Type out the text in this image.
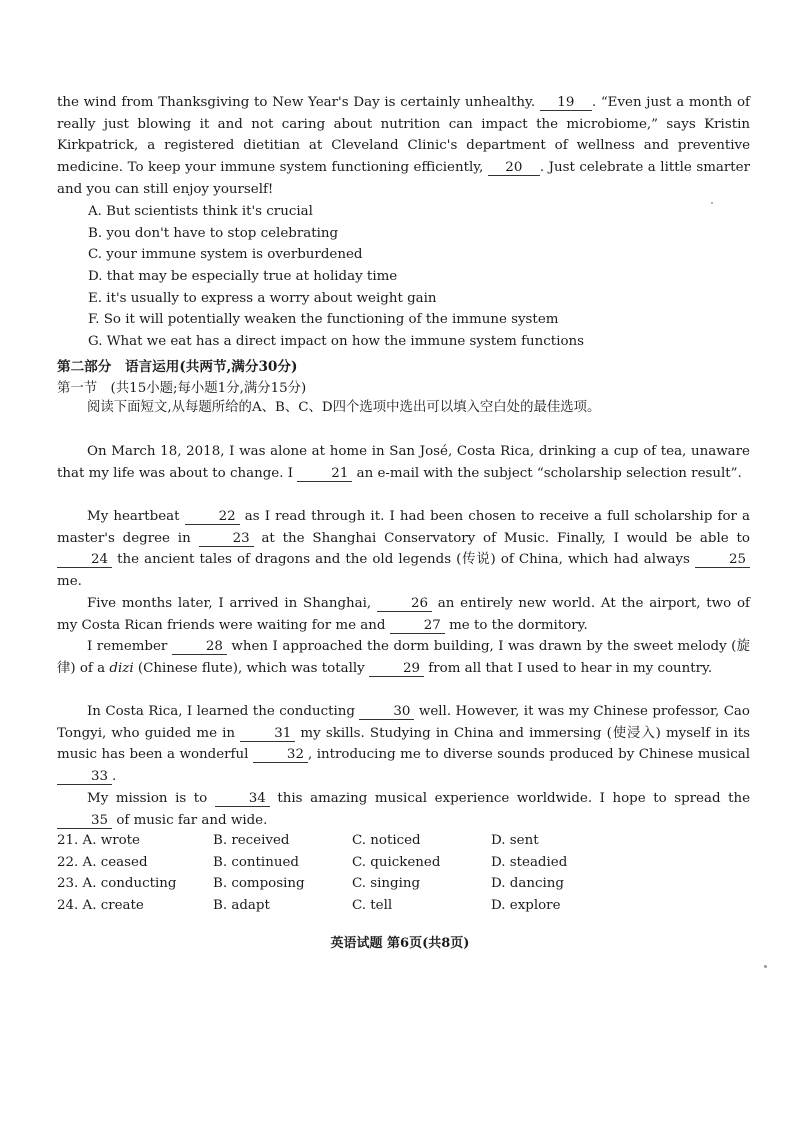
the wind from Thanksgiving to New Year's Day is certainly unhealthy. 19 . “Even just a month of really just blowing it and not caring about nutrition can impact the microbiome,” says Kristin Kirkpatrick, a registered dietitian at Cleveland Clinic's department of wellness and preventive medicine. To keep your immune system functioning efficiently, 20 . Just celebrate a little smarter and you can still enjoy yourself!
A. But scientists think it's crucial
B. you don't have to stop celebrating
C. your immune system is overburdened
D. that may be especially true at holiday time
E. it's usually to express a worry about weight gain
F. So it will potentially weaken the functioning of the immune system
G. What we eat has a direct impact on how the immune system functions
第二部分　语言运用(共两节,满分30分)
第一节　(共15小题;每小题1分,满分15分)
阅读下面短文,从每题所给的A、B、C、D四个选项中选出可以填入空白处的最佳选项。
On March 18, 2018, I was alone at home in San José, Costa Rica, drinking a cup of tea, unaware that my life was about to change. I	21 an e-mail with the subject “scholarship selection result”.
My heartbeat	22 as I read through it. I had been chosen to receive a full scholarship for a master's degree in	23 at the Shanghai Conservatory of Music. Finally, I would be able to 24 the ancient tales of dragons and the old legends (传说) of China, which had always	25 me.
Five months later, I arrived in Shanghai,	26 an entirely new world. At the airport, two of my Costa Rican friends were waiting for me and	27 me to the dormitory.
I remember	28 when I approached the dorm building, I was drawn by the sweet melody (旋律) of a dizi (Chinese flute), which was totally	29 from all that I used to hear in my country.
In Costa Rica, I learned the conducting	30 well. However, it was my Chinese professor, Cao Tongyi, who guided me in	31 my skills. Studying in China and immersing (使浸入) myself in its music has been a wonderful	32 , introducing me to diverse sounds produced by Chinese musical 33 .
My mission is to	34 this amazing musical experience worldwide. I hope to spread the 35 of music far and wide.
21. A. wrote	B. received	C. noticed	D. sent
22. A. ceased	B. continued	C. quickened	D. steadied
23. A. conducting	B. composing	C. singing	D. dancing
24. A. create	B. adapt	C. tell	D. explore
英语试题 第6页(共8页)
